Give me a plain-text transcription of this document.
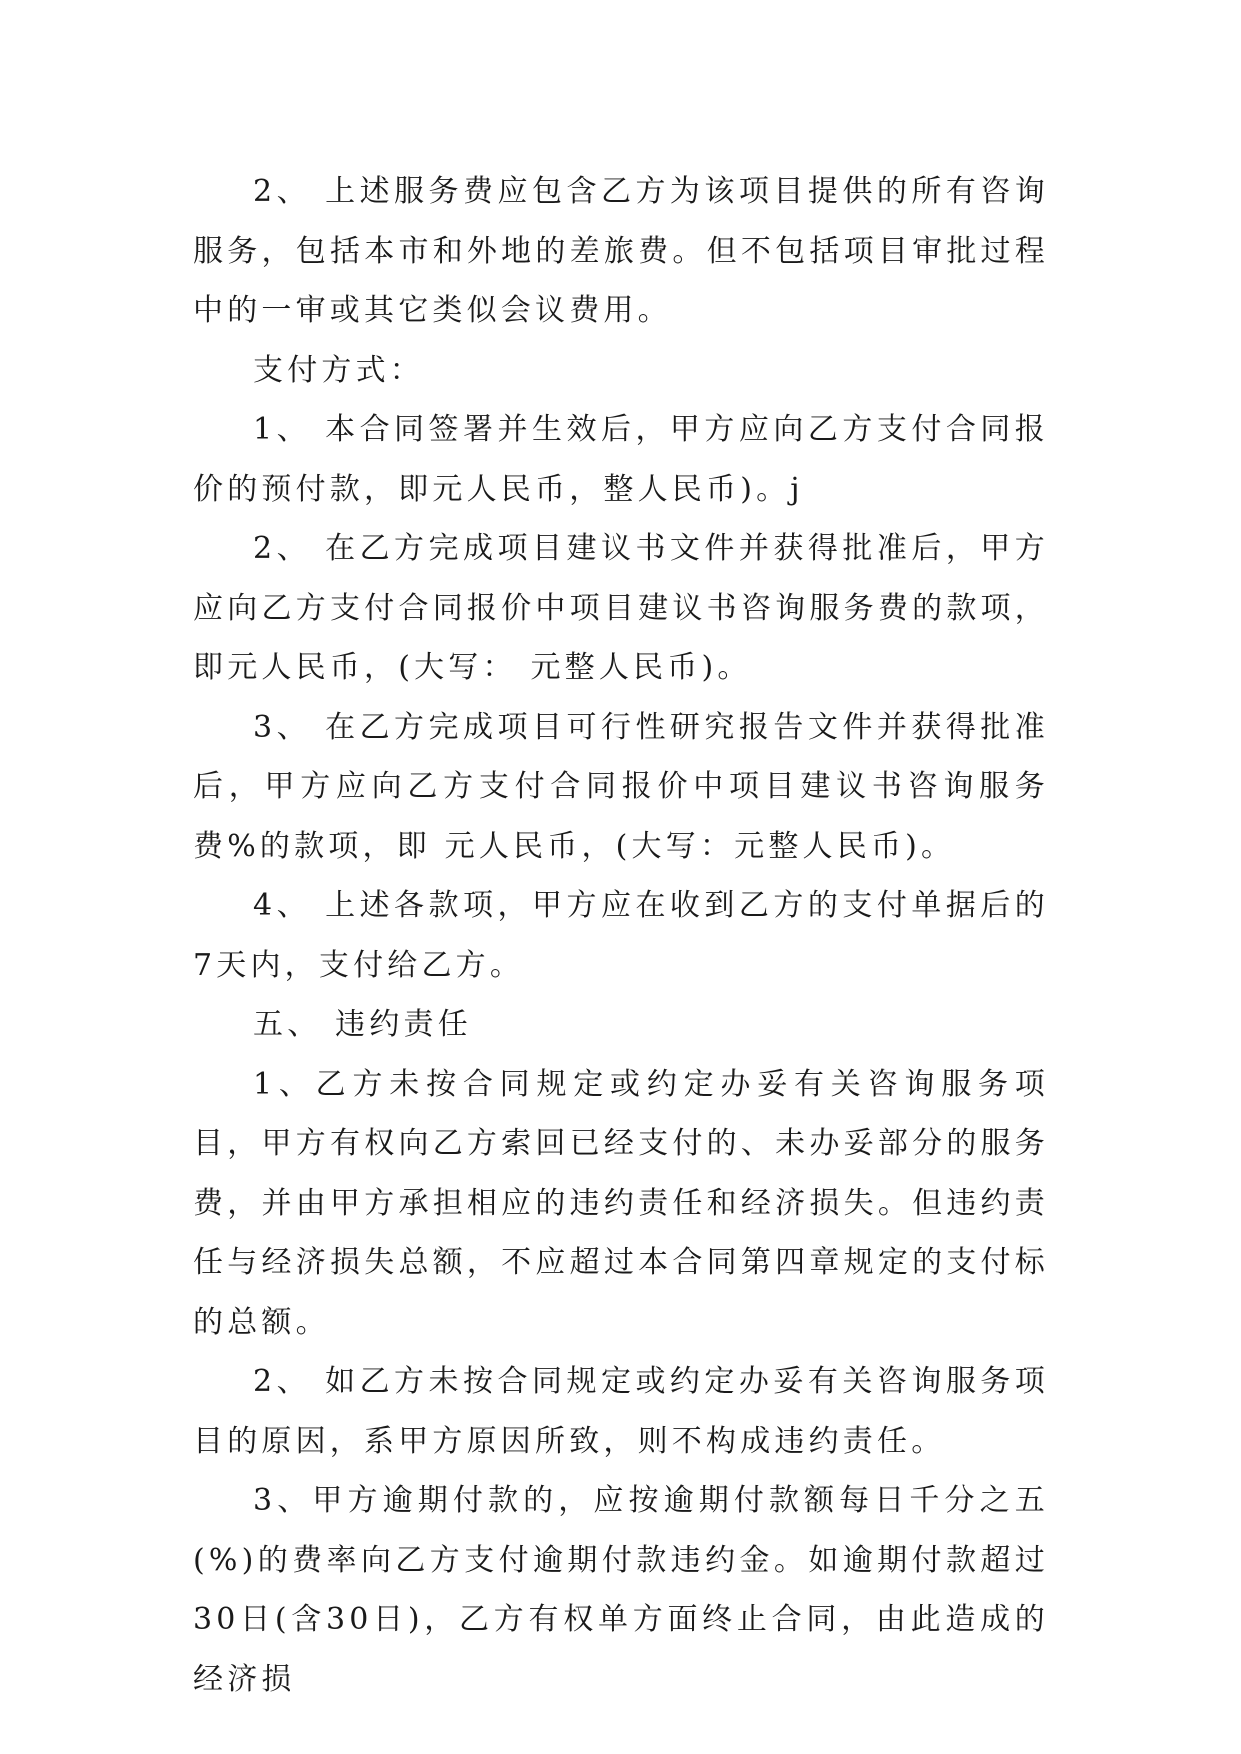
2、 上述服务费应包含乙方为该项目提供的所有咨询服务，包括本市和外地的差旅费。但不包括项目审批过程中的一审或其它类似会议费用。

支付方式：

1、 本合同签署并生效后，甲方应向乙方支付合同报价的预付款，即元人民币，整人民币)。j

2、 在乙方完成项目建议书文件并获得批准后，甲方应向乙方支付合同报价中项目建议书咨询服务费的款项，即元人民币，(大写： 元整人民币)。

3、 在乙方完成项目可行性研究报告文件并获得批准后，甲方应向乙方支付合同报价中项目建议书咨询服务费%的款项，即 元人民币，(大写：元整人民币)。

4、 上述各款项，甲方应在收到乙方的支付单据后的7天内，支付给乙方。

五、 违约责任

1、乙方未按合同规定或约定办妥有关咨询服务项目，甲方有权向乙方索回已经支付的、未办妥部分的服务费，并由甲方承担相应的违约责任和经济损失。但违约责任与经济损失总额，不应超过本合同第四章规定的支付标的总额。

2、 如乙方未按合同规定或约定办妥有关咨询服务项目的原因，系甲方原因所致，则不构成违约责任。

3、甲方逾期付款的，应按逾期付款额每日千分之五(%)的费率向乙方支付逾期付款违约金。如逾期付款超过30日(含30日)，乙方有权单方面终止合同，由此造成的经济损
